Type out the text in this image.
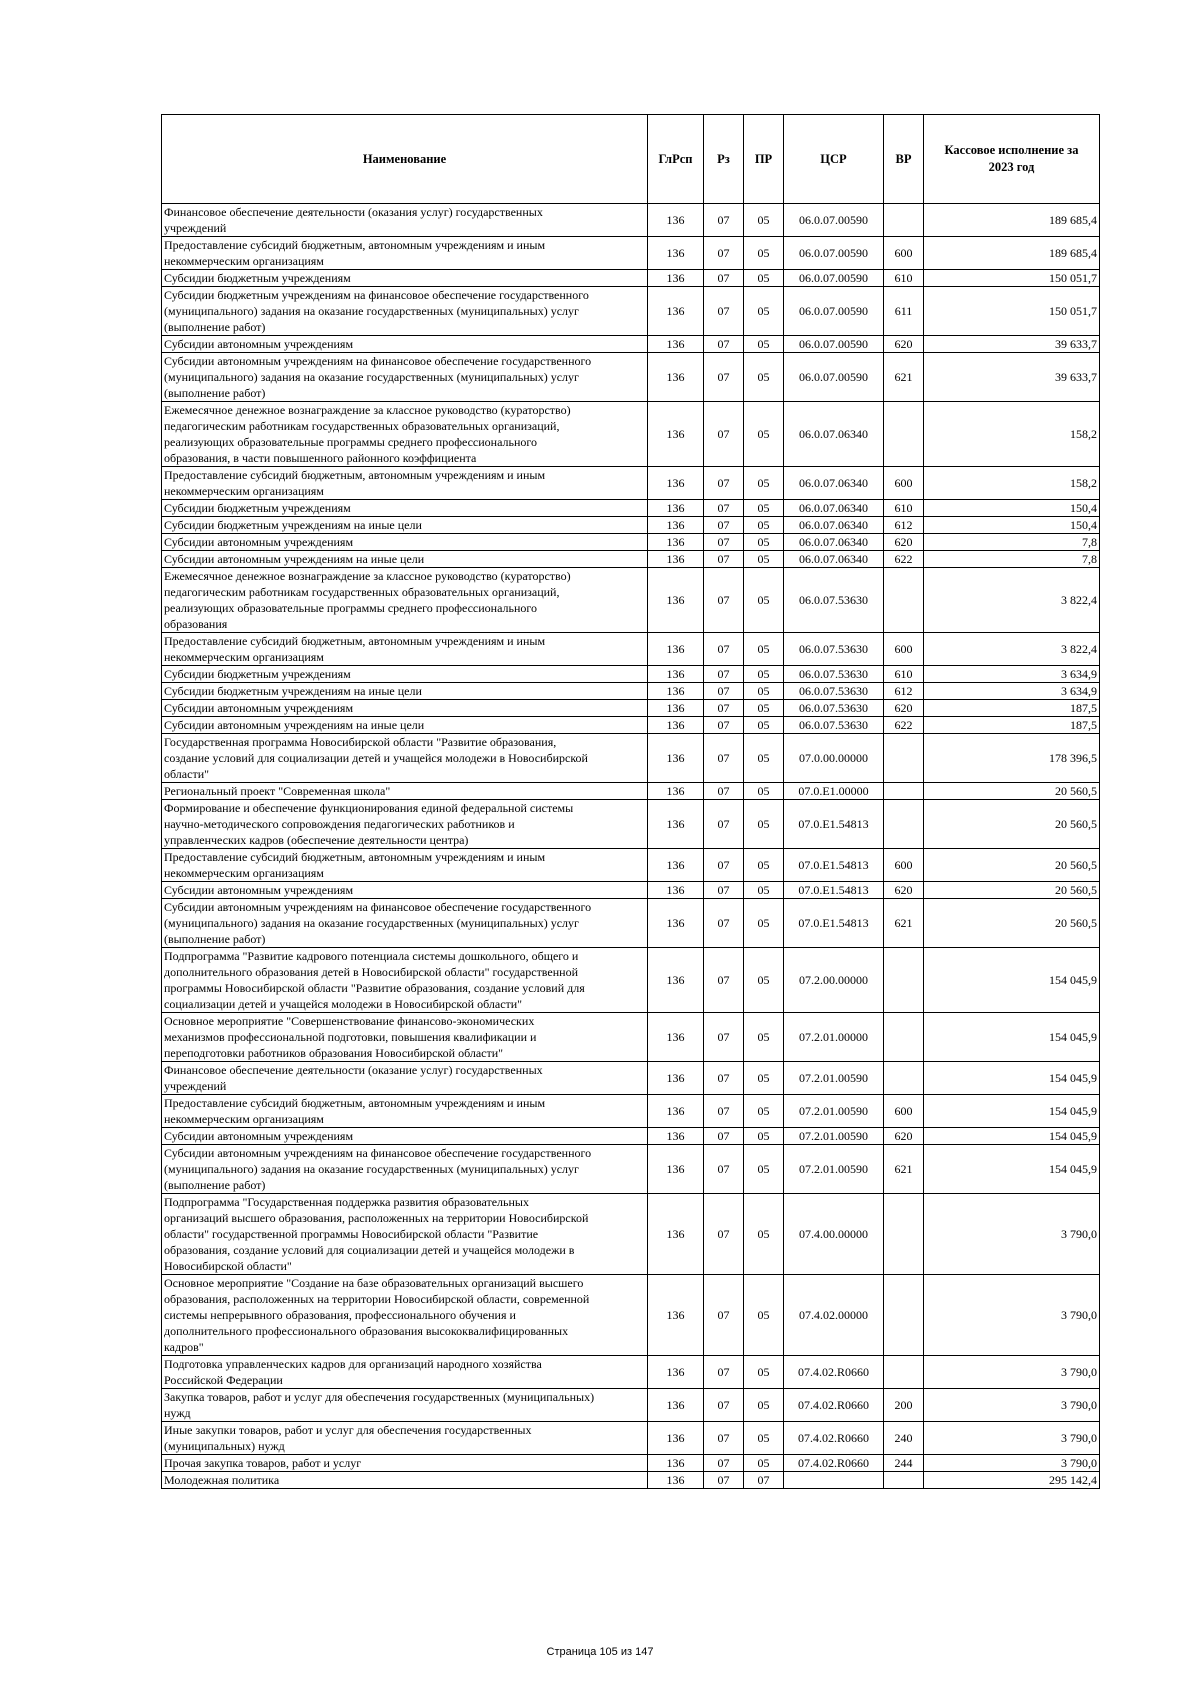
Наименование	ГлРсп	Рз	ПР	ЦСР	ВР	Кассовое исполнение за
2023 год
Финансовое обеспечение деятельности (оказания услуг) государственных
учреждений	136	07	05	06.0.07.00590		189 685,4
Предоставление субсидий бюджетным, автономным учреждениям и иным
некоммерческим организациям	136	07	05	06.0.07.00590	600	189 685,4
Субсидии бюджетным учреждениям	136	07	05	06.0.07.00590	610	150 051,7
Субсидии бюджетным учреждениям на финансовое обеспечение государственного
(муниципального) задания на оказание государственных (муниципальных) услуг
(выполнение работ)	136	07	05	06.0.07.00590	611	150 051,7
Субсидии автономным учреждениям	136	07	05	06.0.07.00590	620	39 633,7
Субсидии автономным учреждениям на финансовое обеспечение государственного
(муниципального) задания на оказание государственных (муниципальных) услуг
(выполнение работ)	136	07	05	06.0.07.00590	621	39 633,7
Ежемесячное денежное вознаграждение за классное руководство (кураторство)
педагогическим работникам государственных образовательных организаций,
реализующих образовательные программы среднего профессионального
образования, в части повышенного районного коэффициента	136	07	05	06.0.07.06340		158,2
Предоставление субсидий бюджетным, автономным учреждениям и иным
некоммерческим организациям	136	07	05	06.0.07.06340	600	158,2
Субсидии бюджетным учреждениям	136	07	05	06.0.07.06340	610	150,4
Субсидии бюджетным учреждениям на иные цели	136	07	05	06.0.07.06340	612	150,4
Субсидии автономным учреждениям	136	07	05	06.0.07.06340	620	7,8
Субсидии автономным учреждениям на иные цели	136	07	05	06.0.07.06340	622	7,8
Ежемесячное денежное вознаграждение за классное руководство (кураторство)
педагогическим работникам государственных образовательных организаций,
реализующих образовательные программы среднего профессионального
образования	136	07	05	06.0.07.53630		3 822,4
Предоставление субсидий бюджетным, автономным учреждениям и иным
некоммерческим организациям	136	07	05	06.0.07.53630	600	3 822,4
Субсидии бюджетным учреждениям	136	07	05	06.0.07.53630	610	3 634,9
Субсидии бюджетным учреждениям на иные цели	136	07	05	06.0.07.53630	612	3 634,9
Субсидии автономным учреждениям	136	07	05	06.0.07.53630	620	187,5
Субсидии автономным учреждениям на иные цели	136	07	05	06.0.07.53630	622	187,5
Государственная программа Новосибирской области "Развитие образования,
создание условий для социализации детей и учащейся молодежи в Новосибирской
области"	136	07	05	07.0.00.00000		178 396,5
Региональный проект "Современная школа"	136	07	05	07.0.E1.00000		20 560,5
Формирование и обеспечение функционирования единой федеральной системы
научно-методического сопровождения педагогических работников и
управленческих кадров (обеспечение деятельности центра)	136	07	05	07.0.E1.54813		20 560,5
Предоставление субсидий бюджетным, автономным учреждениям и иным
некоммерческим организациям	136	07	05	07.0.E1.54813	600	20 560,5
Субсидии автономным учреждениям	136	07	05	07.0.E1.54813	620	20 560,5
Субсидии автономным учреждениям на финансовое обеспечение государственного
(муниципального) задания на оказание государственных (муниципальных) услуг
(выполнение работ)	136	07	05	07.0.E1.54813	621	20 560,5
Подпрограмма "Развитие кадрового потенциала системы дошкольного, общего и
дополнительного образования детей в Новосибирской области" государственной
программы Новосибирской области "Развитие образования, создание условий для
социализации детей и учащейся молодежи в Новосибирской области"	136	07	05	07.2.00.00000		154 045,9
Основное мероприятие "Совершенствование финансово-экономических
механизмов профессиональной подготовки, повышения квалификации и
переподготовки работников образования Новосибирской области"	136	07	05	07.2.01.00000		154 045,9
Финансовое обеспечение деятельности (оказание услуг) государственных
учреждений	136	07	05	07.2.01.00590		154 045,9
Предоставление субсидий бюджетным, автономным учреждениям и иным
некоммерческим организациям	136	07	05	07.2.01.00590	600	154 045,9
Субсидии автономным учреждениям	136	07	05	07.2.01.00590	620	154 045,9
Субсидии автономным учреждениям на финансовое обеспечение государственного
(муниципального) задания на оказание государственных (муниципальных) услуг
(выполнение работ)	136	07	05	07.2.01.00590	621	154 045,9
Подпрограмма "Государственная поддержка развития образовательных
организаций высшего образования, расположенных на территории Новосибирской
области" государственной программы Новосибирской области "Развитие
образования, создание условий для социализации детей и учащейся молодежи в
Новосибирской области"	136	07	05	07.4.00.00000		3 790,0
Основное мероприятие "Создание на базе образовательных организаций высшего
образования, расположенных на территории Новосибирской области, современной
системы непрерывного образования, профессионального обучения и
дополнительного профессионального образования высококвалифицированных
кадров"	136	07	05	07.4.02.00000		3 790,0
Подготовка управленческих кадров для организаций народного хозяйства
Российской Федерации	136	07	05	07.4.02.R0660		3 790,0
Закупка товаров, работ и услуг для обеспечения государственных (муниципальных)
нужд	136	07	05	07.4.02.R0660	200	3 790,0
Иные закупки товаров, работ и услуг для обеспечения государственных
(муниципальных) нужд	136	07	05	07.4.02.R0660	240	3 790,0
Прочая закупка товаров, работ и услуг	136	07	05	07.4.02.R0660	244	3 790,0
Молодежная политика	136	07	07			295 142,4
Страница 105 из 147
